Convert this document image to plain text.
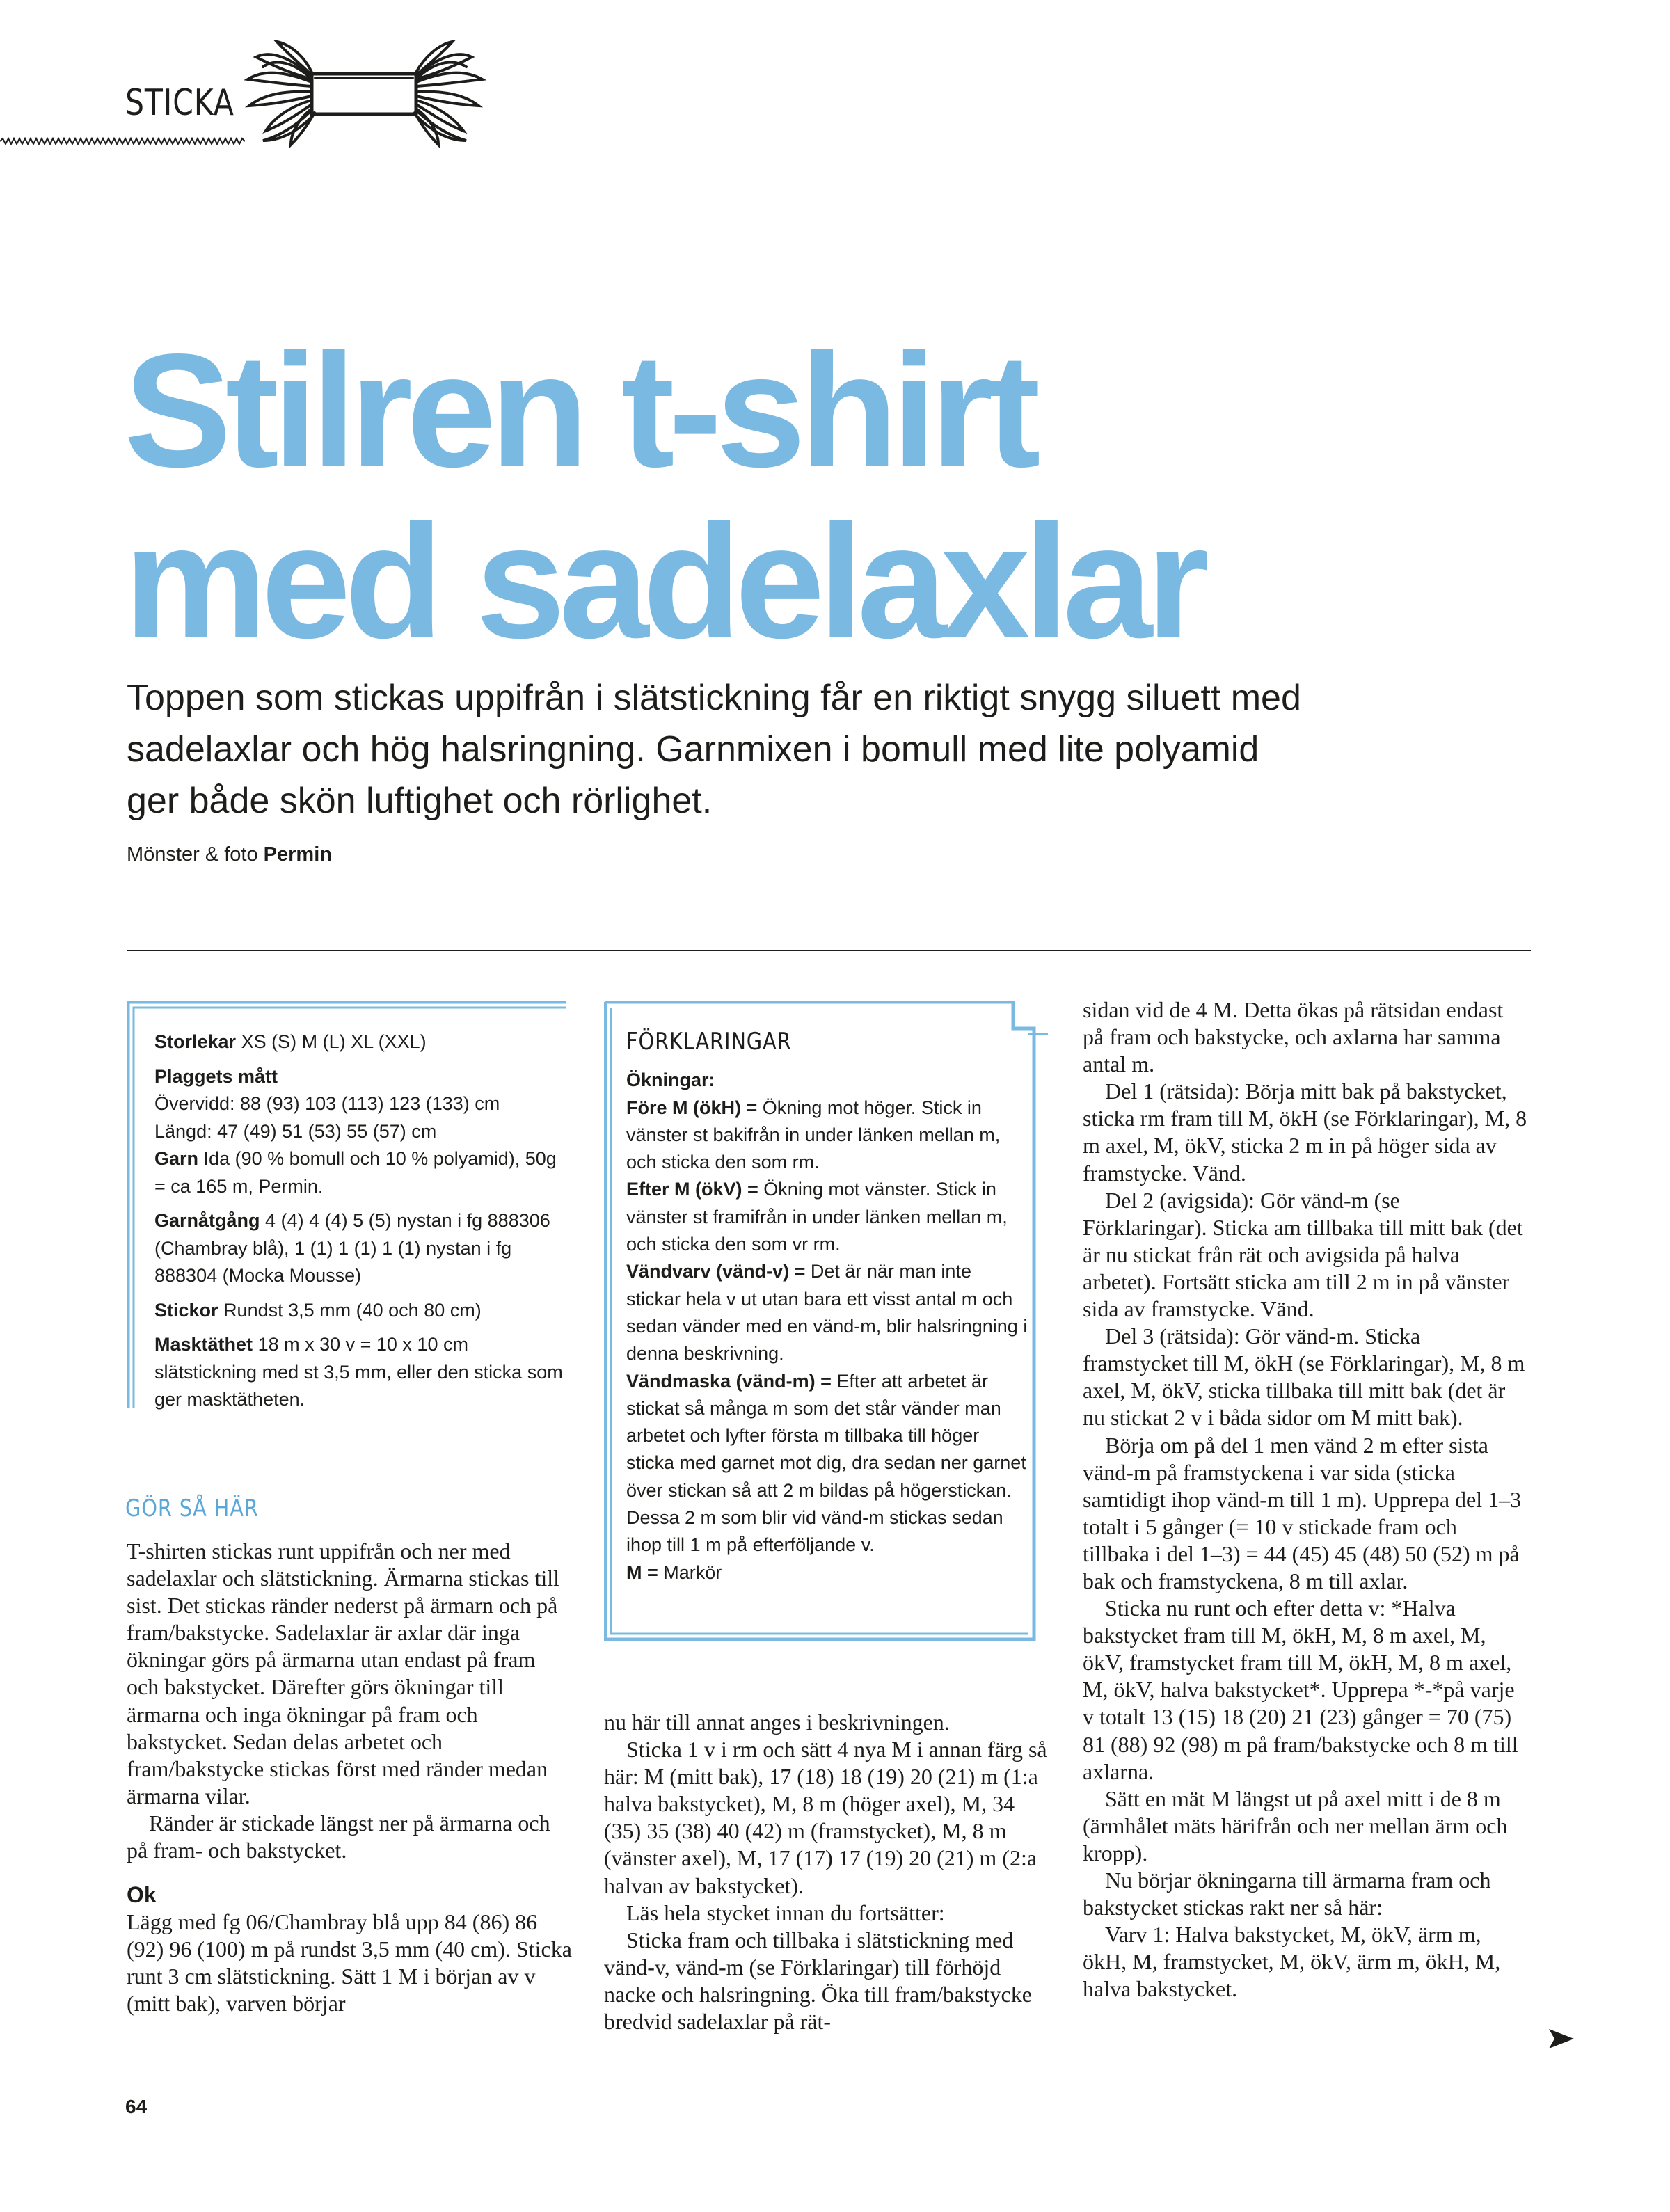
STICKA
Stilren t-shirt
med sadelaxlar

Toppen som stickas uppifrån i slätstickning får en riktigt snygg siluett med sadelaxlar och hög halsringning. Garnmixen i bomull med lite polyamid ger både skön luftighet och rörlighet.

Mönster & foto Permin

Storlekar XS (S) M (L) XL (XXL)

Plaggets mått

Övervidd: 88 (93) 103 (113) 123 (133) cm

Längd: 47 (49) 51 (53) 55 (57) cm

Garn Ida (90 % bomull och 10 % polyamid), 50g = ca 165 m, Permin.

Garnåtgång 4 (4) 4 (4) 5 (5) nystan i fg 888306 (Chambray blå), 1 (1) 1 (1) 1 (1) nystan i fg 888304 (Mocka Mousse)

Stickor Rundst 3,5 mm (40 och 80 cm)

Masktäthet 18 m x 30 v = 10 x 10 cm slätstickning med st 3,5 mm, eller den sticka som ger masktätheten.

FÖRKLARINGAR

Ökningar:

Före M (ökH) = Ökning mot höger. Stick in vänster st bakifrån in under länken mellan m, och sticka den som rm.

Efter M (ökV) = Ökning mot vänster. Stick in vänster st framifrån in under länken mellan m, och sticka den som vr rm.

Vändvarv (vänd-v) = Det är när man inte stickar hela v ut utan bara ett visst antal m och sedan vänder med en vänd-m, blir halsringning i denna beskrivning.

Vändmaska (vänd-m) = Efter att arbetet är stickat så många m som det står vänder man arbetet och lyfter första m tillbaka till höger sticka med garnet mot dig, dra sedan ner garnet över stickan så att 2 m bildas på högerstickan. Dessa 2 m som blir vid vänd-m stickas sedan ihop till 1 m på efterföljande v.

M = Markör

GÖR SÅ HÄR

T-shirten stickas runt uppifrån och ner med sadelaxlar och slätstickning. Ärmarna stickas till sist. Det stickas ränder nederst på ärmarn och på fram/bakstycke. Sadelaxlar är axlar där inga ökningar görs på ärmarna utan endast på fram och bakstycket. Därefter görs ökningar till ärmarna och inga ökningar på fram och bakstycket. Sedan delas arbetet och fram/bakstycke stickas först med ränder medan ärmarna vilar.

Ränder är stickade längst ner på ärmarna och på fram- och bakstycket.

Ok

Lägg med fg 06/Chambray blå upp 84 (86) 86 (92) 96 (100) m på rundst 3,5 mm (40 cm). Sticka runt 3 cm slätstickning. Sätt 1 M i början av v (mitt bak), varven börjar

nu här till annat anges i beskrivningen.

Sticka 1 v i rm och sätt 4 nya M i annan färg så här: M (mitt bak), 17 (18) 18 (19) 20 (21) m (1:a halva bakstycket), M, 8 m (höger axel), M, 34 (35) 35 (38) 40 (42) m (framstycket), M, 8 m (vänster axel), M, 17 (17) 17 (19) 20 (21) m (2:a halvan av bakstycket).

Läs hela stycket innan du fortsätter:

Sticka fram och tillbaka i slätstickning med vänd-v, vänd-m (se Förklaringar) till förhöjd nacke och halsringning. Öka till fram/bakstycke bredvid sadelaxlar på rät-

sidan vid de 4 M. Detta ökas på rätsidan endast på fram och bakstycke, och axlarna har samma antal m.

Del 1 (rätsida): Börja mitt bak på bakstycket, sticka rm fram till M, ökH (se Förklaringar), M, 8 m axel, M, ökV, sticka 2 m in på höger sida av framstycke. Vänd.

Del 2 (avigsida): Gör vänd-m (se Förklaringar). Sticka am tillbaka till mitt bak (det är nu stickat från rät och avigsida på halva arbetet). Fortsätt sticka am till 2 m in på vänster sida av framstycke. Vänd.

Del 3 (rätsida): Gör vänd-m. Sticka framstycket till M, ökH (se Förklaringar), M, 8 m axel, M, ökV, sticka tillbaka till mitt bak (det är nu stickat 2 v i båda sidor om M mitt bak).

Börja om på del 1 men vänd 2 m efter sista vänd-m på framstyckena i var sida (sticka samtidigt ihop vänd-m till 1 m). Upprepa del 1–3 totalt i 5 gånger (= 10 v stickade fram och tillbaka i del 1–3) = 44 (45) 45 (48) 50 (52) m på bak och framstyckena, 8 m till axlar.

Sticka nu runt och efter detta v: *Halva bakstycket fram till M, ökH, M, 8 m axel, M, ökV, framstycket fram till M, ökH, M, 8 m axel, M, ökV, halva bakstycket*. Upprepa *-*på varje v totalt 13 (15) 18 (20) 21 (23) gånger = 70 (75) 81 (88) 92 (98) m på fram/bakstycke och 8 m till axlarna.

Sätt en mät M längst ut på axel mitt i de 8 m (ärmhålet mäts härifrån och ner mellan ärm och kropp).

Nu börjar ökningarna till ärmarna fram och bakstycket stickas rakt ner så här:

Varv 1: Halva bakstycket, M, ökV, ärm m, ökH, M, framstycket, M, ökV, ärm m, ökH, M, halva bakstycket.

64
